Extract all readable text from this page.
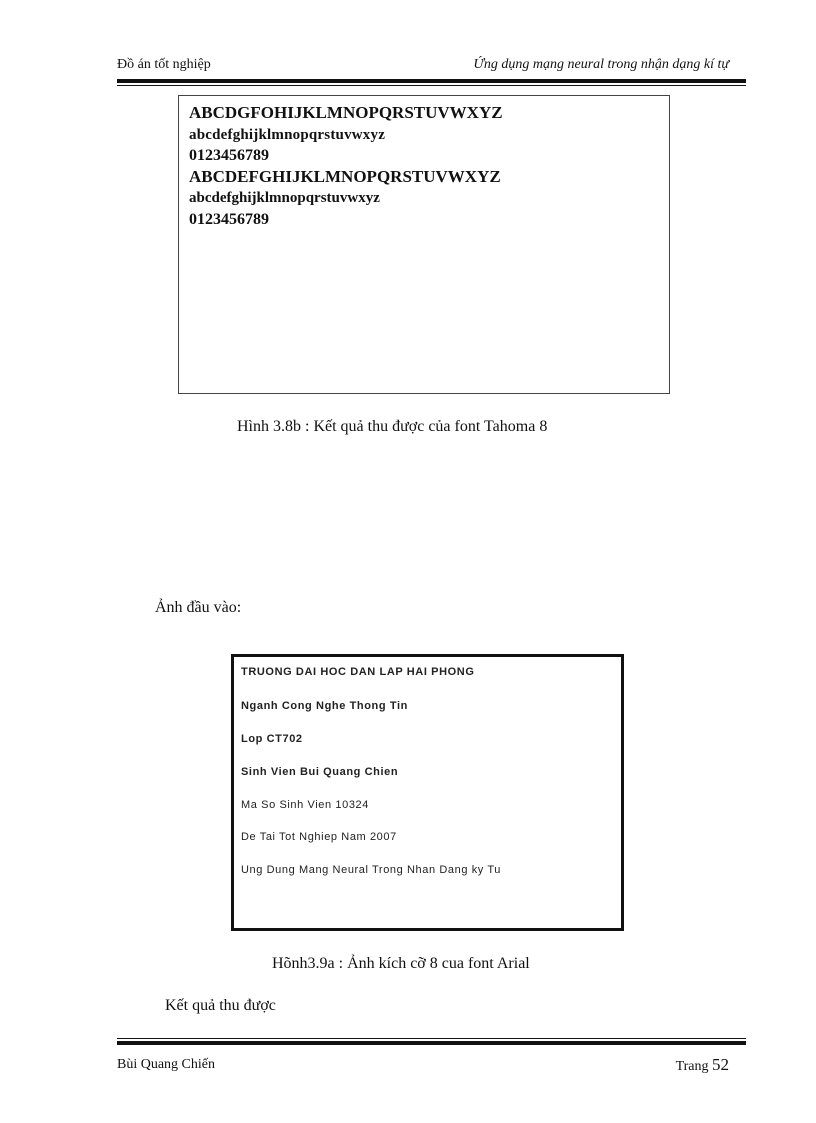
Đồ án tốt nghiệp	Ứng dụng mạng neural trong nhận dạng kí tự
ABCDGFOHIJKLMNOPQRSTUVWXYZ
abcdefghijklmnopqrstuvwxyz
0123456789
ABCDEFGHIJKLMNOPQRSTUVWXYZ
abcdefghijklmnopqrstuvwxyz
0123456789
Hình 3.8b : Kết quả thu được của font Tahoma 8
Ảnh đầu vào:
TRUONG DAI HOC DAN LAP HAI PHONG
Nganh Cong Nghe Thong Tin
Lop CT702
Sinh Vien Bui Quang Chien
Ma So Sinh Vien 10324
De Tai Tot Nghiep Nam 2007
Ung Dung Mang Neural Trong Nhan Dang ky Tu
Hõnh3.9a : Ảnh kích cỡ 8 cua font Arial
Kết quả thu được
Bùi Quang Chiến	Trang 52
